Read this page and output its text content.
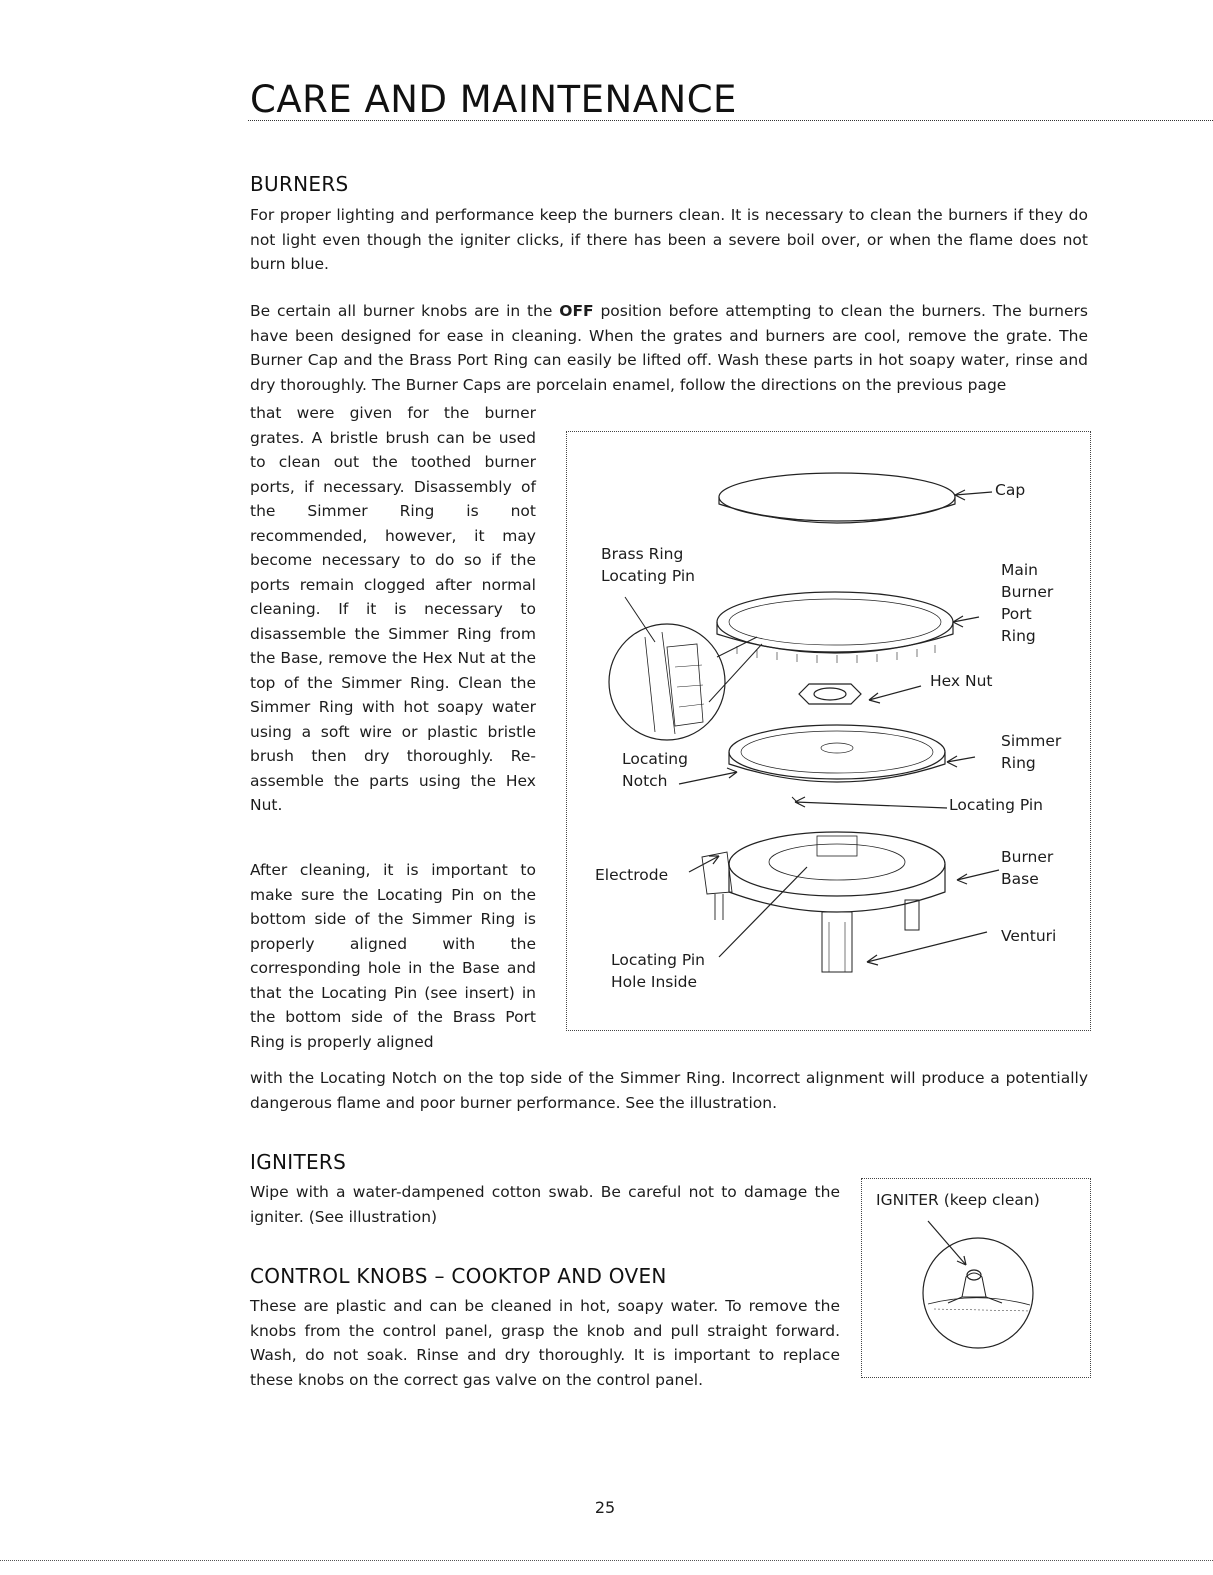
CARE AND MAINTENANCE
BURNERS

For proper lighting and performance keep the burners clean. It is necessary to clean the burners if they do not light even though the igniter clicks, if there has been a severe boil over, or when the flame does not burn blue.

Be certain all burner knobs are in the OFF position before attempting to clean the burners. The burners have been designed for ease in cleaning. When the grates and burners are cool, remove the grate. The Burner Cap and the Brass Port Ring can easily be lifted off. Wash these parts in hot soapy water, rinse and dry thoroughly. The Burner Caps are porcelain enamel, follow the directions on the previous page

that were given for the burner grates. A bristle brush can be used to clean out the toothed burner ports, if necessary. Disassembly of the Simmer Ring is not recommended, however, it may become necessary to do so if the ports remain clogged after normal cleaning. If it is necessary to disassemble the Simmer Ring from the Base, remove the Hex Nut at the top of the Simmer Ring. Clean the Simmer Ring with hot soapy water using a soft wire or plastic bristle brush then dry thoroughly. Re-assemble the parts using the Hex Nut.

After cleaning, it is important to make sure the Locating Pin on the bottom side of the Simmer Ring is properly aligned with the corresponding hole in the Base and that the Locating Pin (see insert) in the bottom side of the Brass Port Ring is properly aligned

with the Locating Notch on the top side of the Simmer Ring. Incorrect alignment will produce a potentially dangerous flame and poor burner performance. See the illustration.

Cap

Brass Ring
Locating Pin	Main
Burner
Port
Ring

Hex Nut

Simmer
Ring

Locating
Notch

Locating Pin
Electrode

Burner
Base

Venturi

Locating Pin
Hole Inside

IGNITERS

Wipe with a water-dampened cotton swab. Be careful not to damage the igniter. (See illustration)

IGNITER (keep clean)
CONTROL KNOBS – COOKTOP AND OVEN

These are plastic and can be cleaned in hot, soapy water. To remove the knobs from the control panel, grasp the knob and pull straight forward. Wash, do not soak. Rinse and dry thoroughly. It is important to replace these knobs on the correct gas valve on the control panel.

25
